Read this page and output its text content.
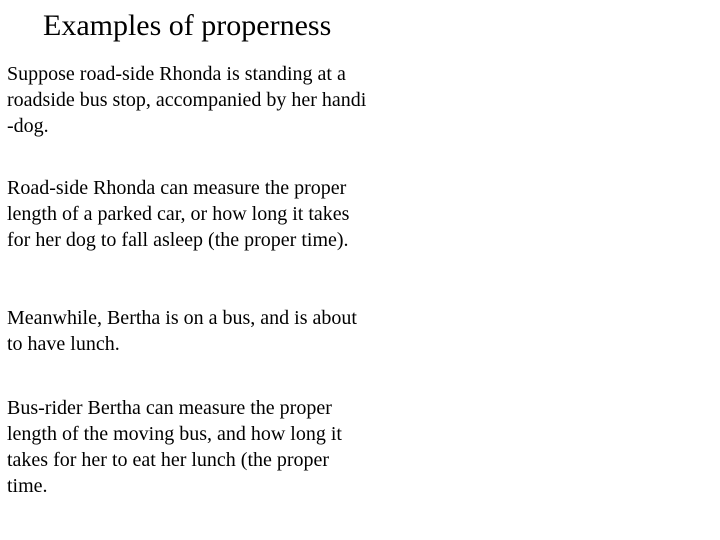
Examples of properness

Suppose road-side Rhonda is standing at a
roadside bus stop, accompanied by her handi
-dog.

Road-side Rhonda can measure the proper
length of a parked car, or how long it takes
for her dog to fall asleep (the proper time).

Meanwhile, Bertha is on a bus, and is about
to have lunch.

Bus-rider Bertha can measure the proper
length of the moving bus, and how long it
takes for her to eat her lunch (the proper
time.
